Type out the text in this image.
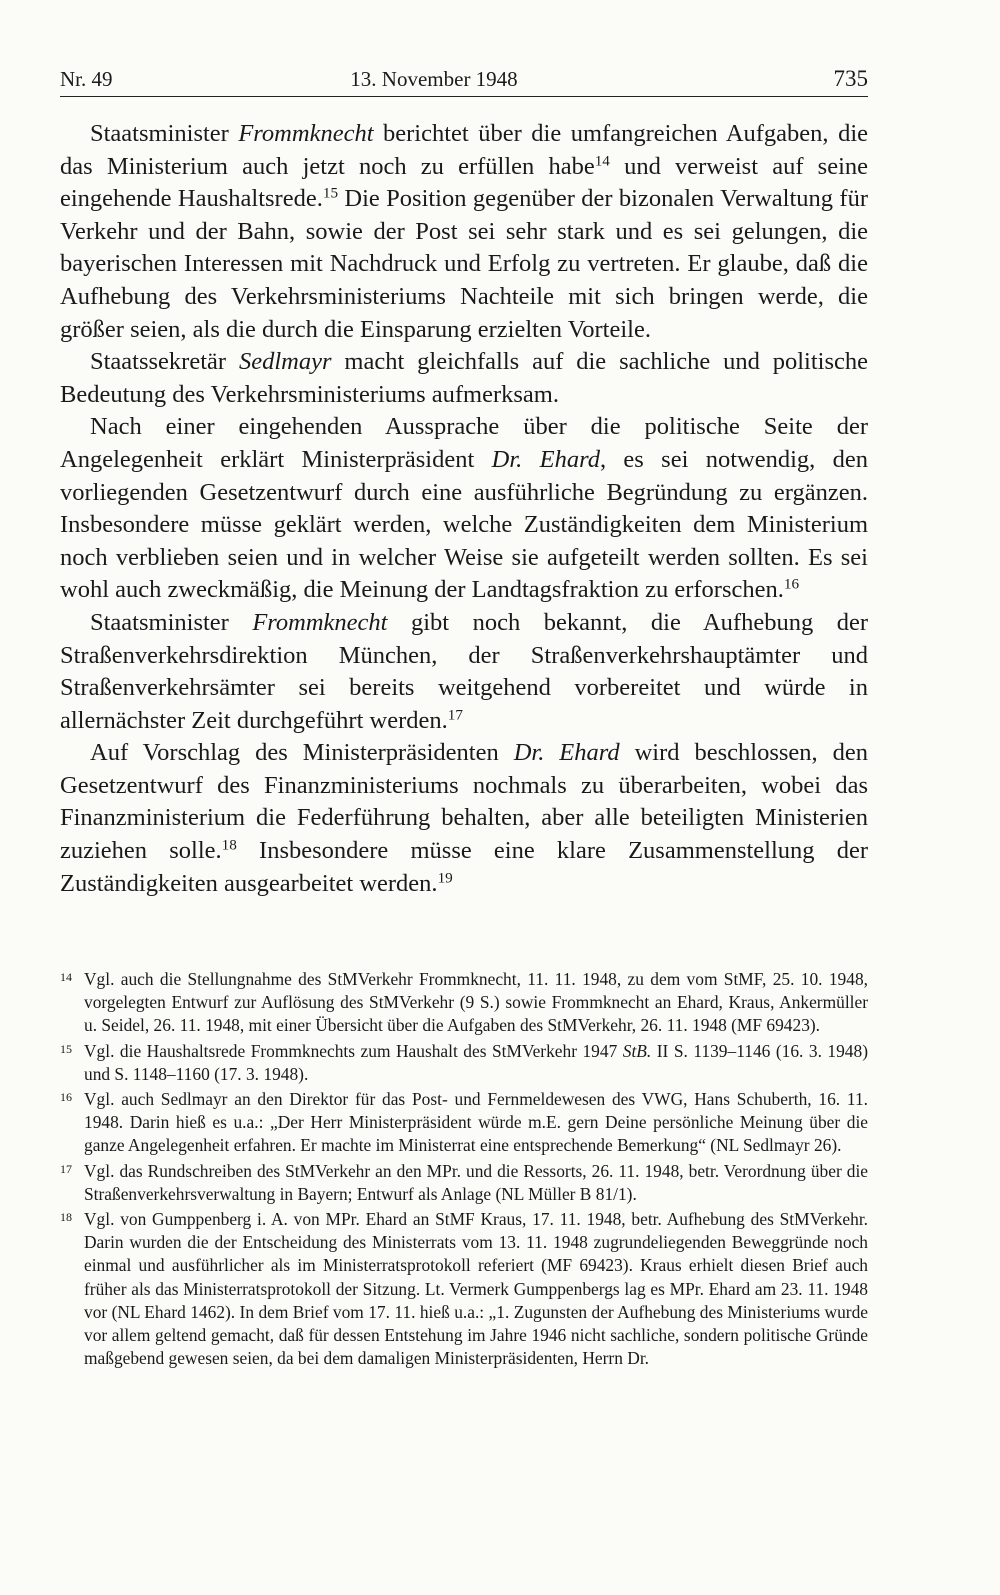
Nr. 49	13. November 1948	735

Staatsminister Frommknecht berichtet über die umfangreichen Aufgaben, die das Ministerium auch jetzt noch zu erfüllen habe$^{14}$ und verweist auf seine eingehende Haushaltsrede.$^{15}$ Die Position gegenüber der bizonalen Verwaltung für Verkehr und der Bahn, sowie der Post sei sehr stark und es sei gelungen, die bayerischen Interessen mit Nachdruck und Erfolg zu vertreten. Er glaube, daß die Aufhebung des Verkehrsministeriums Nachteile mit sich bringen werde, die größer seien, als die durch die Einsparung erzielten Vorteile.

Staatssekretär Sedlmayr macht gleichfalls auf die sachliche und politische Bedeutung des Verkehrsministeriums aufmerksam.

Nach einer eingehenden Aussprache über die politische Seite der Angelegenheit erklärt Ministerpräsident Dr. Ehard, es sei notwendig, den vorliegenden Gesetzentwurf durch eine ausführliche Begründung zu ergänzen. Insbesondere müsse geklärt werden, welche Zuständigkeiten dem Ministerium noch verblieben seien und in welcher Weise sie aufgeteilt werden sollten. Es sei wohl auch zweckmäßig, die Meinung der Landtagsfraktion zu erforschen.$^{16}$

Staatsminister Frommknecht gibt noch bekannt, die Aufhebung der Straßenverkehrsdirektion München, der Straßenverkehrshauptämter und Straßenverkehrsämter sei bereits weitgehend vorbereitet und würde in allernächster Zeit durchgeführt werden.$^{17}$

Auf Vorschlag des Ministerpräsidenten Dr. Ehard wird beschlossen, den Gesetzentwurf des Finanzministeriums nochmals zu überarbeiten, wobei das Finanzministerium die Federführung behalten, aber alle beteiligten Ministerien zuziehen solle.$^{18}$ Insbesondere müsse eine klare Zusammenstellung der Zuständigkeiten ausgearbeitet werden.$^{19}$

14 Vgl. auch die Stellungnahme des StMVerkehr Frommknecht, 11. 11. 1948, zu dem vom StMF, 25. 10. 1948, vorgelegten Entwurf zur Auflösung des StMVerkehr (9 S.) sowie Frommknecht an Ehard, Kraus, Ankermüller u. Seidel, 26. 11. 1948, mit einer Übersicht über die Aufgaben des StMVerkehr, 26. 11. 1948 (MF 69423).
15 Vgl. die Haushaltsrede Frommknechts zum Haushalt des StMVerkehr 1947 StB. II S. 1139–1146 (16. 3. 1948) und S. 1148–1160 (17. 3. 1948).
16 Vgl. auch Sedlmayr an den Direktor für das Post- und Fernmeldewesen des VWG, Hans Schuberth, 16. 11. 1948. Darin hieß es u.a.: „Der Herr Ministerpräsident würde m.E. gern Deine persönliche Meinung über die ganze Angelegenheit erfahren. Er machte im Ministerrat eine entsprechende Bemerkung“ (NL Sedlmayr 26).
17 Vgl. das Rundschreiben des StMVerkehr an den MPr. und die Ressorts, 26. 11. 1948, betr. Verordnung über die Straßenverkehrsverwaltung in Bayern; Entwurf als Anlage (NL Müller B 81/1).
18 Vgl. von Gumppenberg i. A. von MPr. Ehard an StMF Kraus, 17. 11. 1948, betr. Aufhebung des StMVerkehr. Darin wurden die der Entscheidung des Ministerrats vom 13. 11. 1948 zugrundeliegenden Beweggründe noch einmal und ausführlicher als im Ministerratsprotokoll referiert (MF 69423). Kraus erhielt diesen Brief auch früher als das Ministerratsprotokoll der Sitzung. Lt. Vermerk Gumppenbergs lag es MPr. Ehard am 23. 11. 1948 vor (NL Ehard 1462). In dem Brief vom 17. 11. hieß u.a.: „1. Zugunsten der Aufhebung des Ministeriums wurde vor allem geltend gemacht, daß für dessen Entstehung im Jahre 1946 nicht sachliche, sondern politische Gründe maßgebend gewesen seien, da bei dem damaligen Ministerpräsidenten, Herrn Dr.
